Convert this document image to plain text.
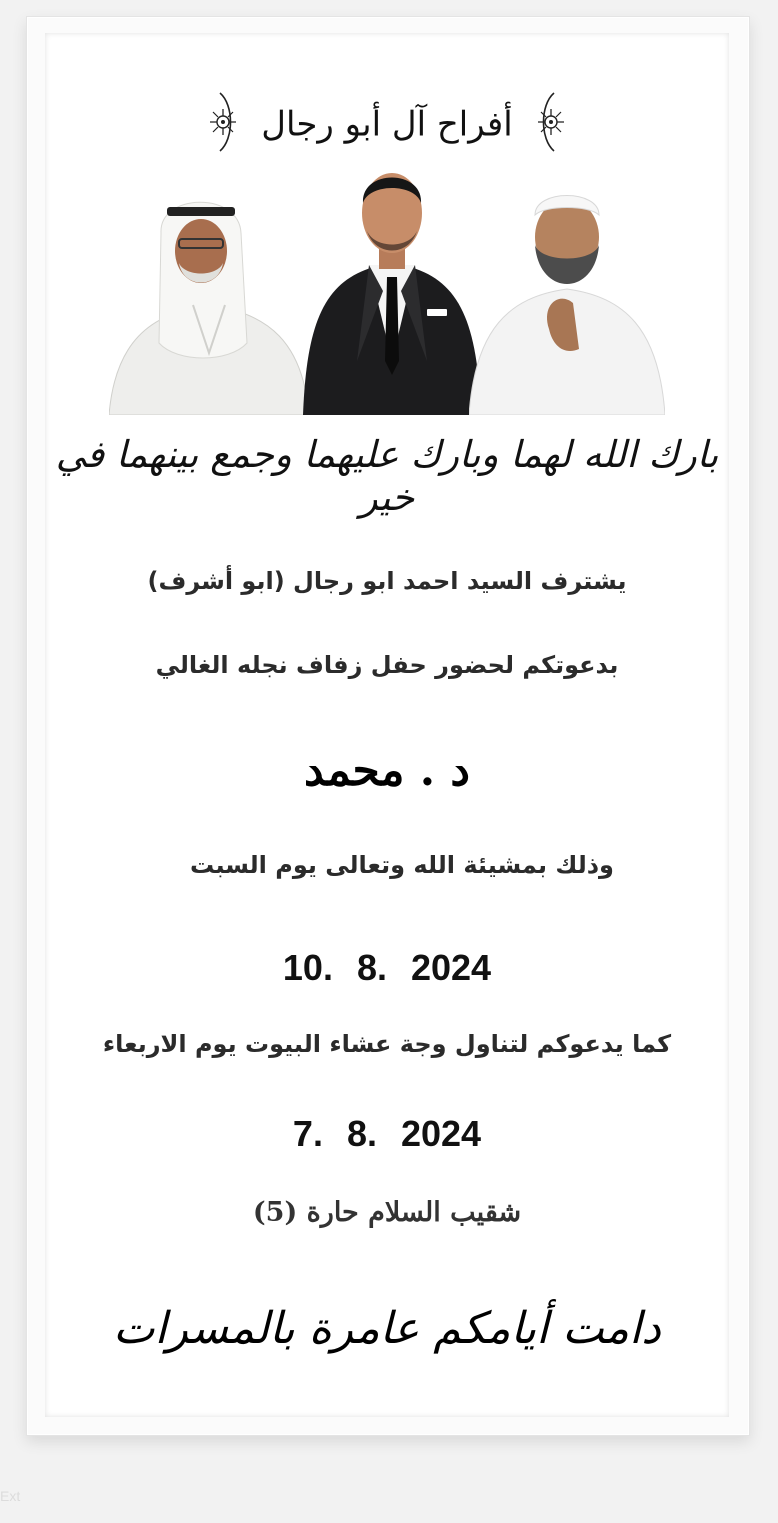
أفراح آل أبو رجال
بارك الله لهما وبارك عليهما وجمع بينهما في خير
يشترف السيد احمد ابو رجال (ابو أشرف)
بدعوتكم لحضور حفل زفاف نجله الغالي
د . محمد
وذلك بمشيئة الله وتعالى يوم السبت
10. 8. 2024
كما يدعوكم لتناول وجة عشاء البيوت يوم الاربعاء
7. 8. 2024
شقيب السلام حارة (5)
دامت أيامكم عامرة بالمسرات
Ext
